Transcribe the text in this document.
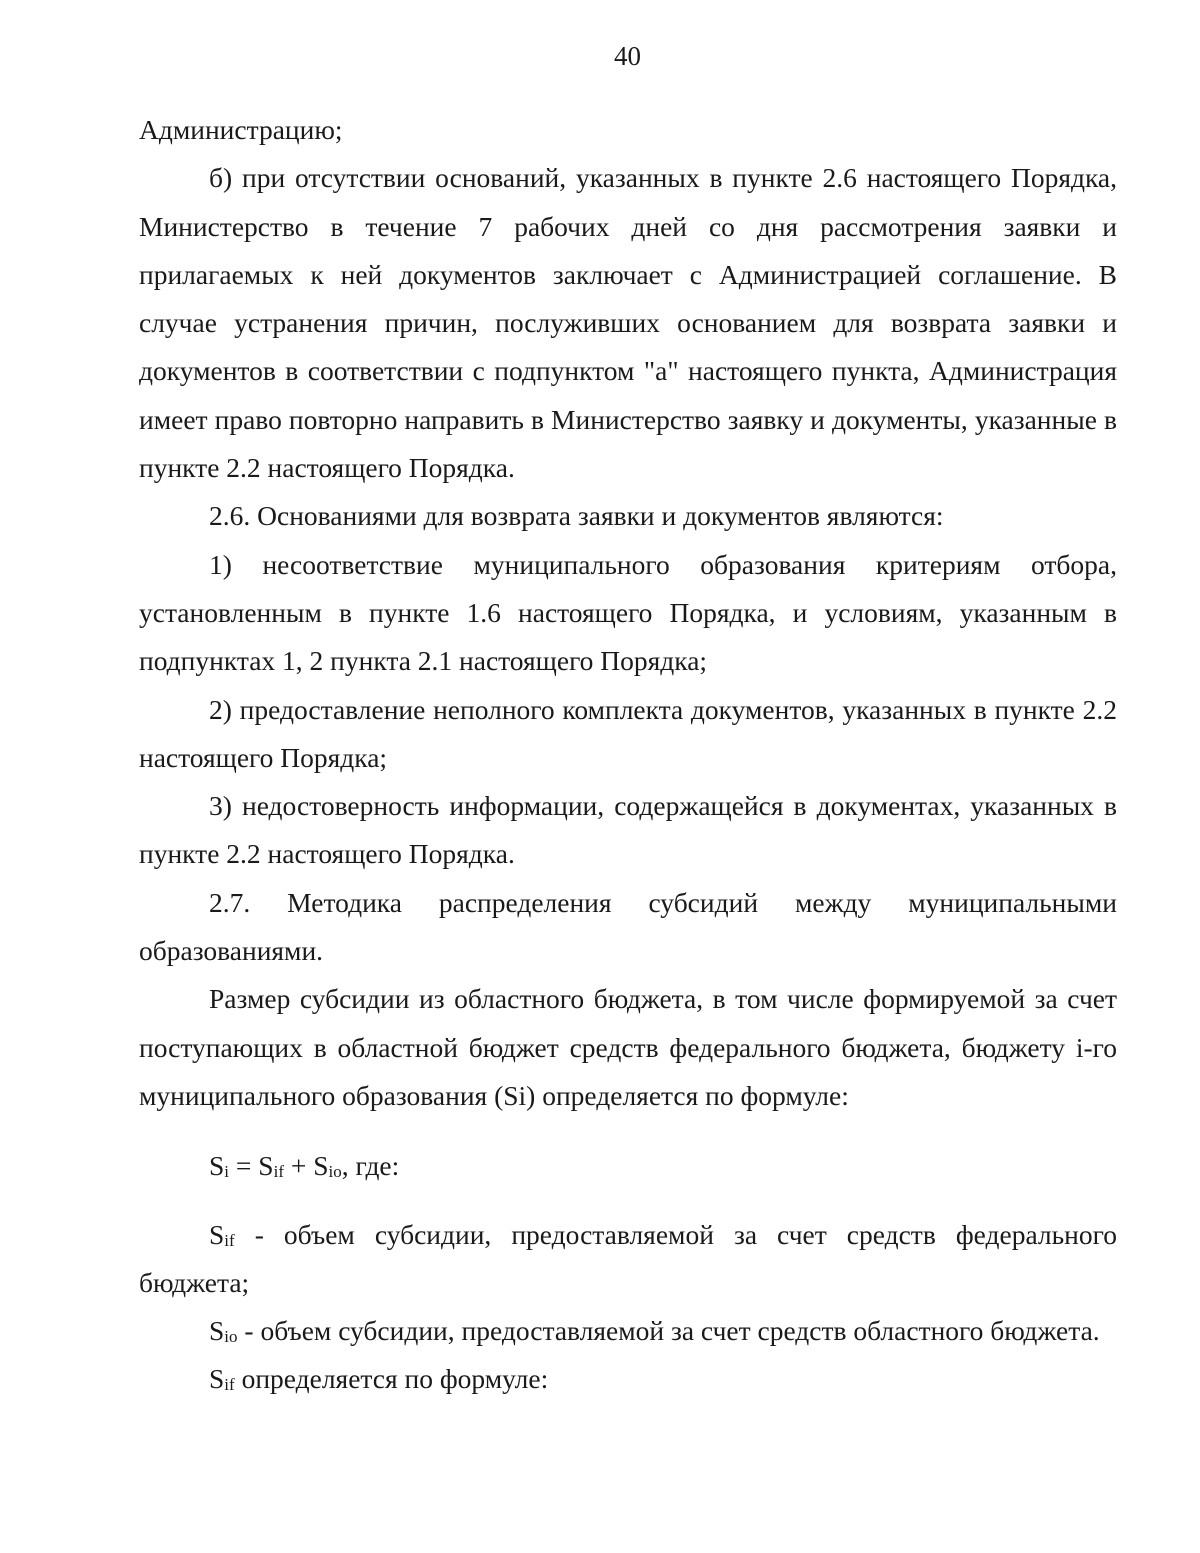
40

Администрацию;

б) при отсутствии оснований, указанных в пункте 2.6 настоящего Порядка, Министерство в течение 7 рабочих дней со дня рассмотрения заявки и прилагаемых к ней документов заключает с Администрацией соглашение. В случае устранения причин, послуживших основанием для возврата заявки и документов в соответствии с подпунктом "а" настоящего пункта, Администрация имеет право повторно направить в Министерство заявку и документы, указанные в пункте 2.2 настоящего Порядка.

2.6. Основаниями для возврата заявки и документов являются:

1) несоответствие муниципального образования критериям отбора, установленным в пункте 1.6 настоящего Порядка, и условиям, указанным в подпунктах 1, 2 пункта 2.1 настоящего Порядка;

2) предоставление неполного комплекта документов, указанных в пункте 2.2 настоящего Порядка;

3) недостоверность информации, содержащейся в документах, указанных в пункте 2.2 настоящего Порядка.

2.7. Методика распределения субсидий между муниципальными образованиями.

Размер субсидии из областного бюджета, в том числе формируемой за счет поступающих в областной бюджет средств федерального бюджета, бюджету i-го муниципального образования (Si) определяется по формуле:

$S_i = S_{if} + S_{io}$, где:

$S_{if}$ - объем субсидии, предоставляемой за счет средств федерального бюджета;

$S_{io}$ - объем субсидии, предоставляемой за счет средств областного бюджета.

$S_{if}$ определяется по формуле:
